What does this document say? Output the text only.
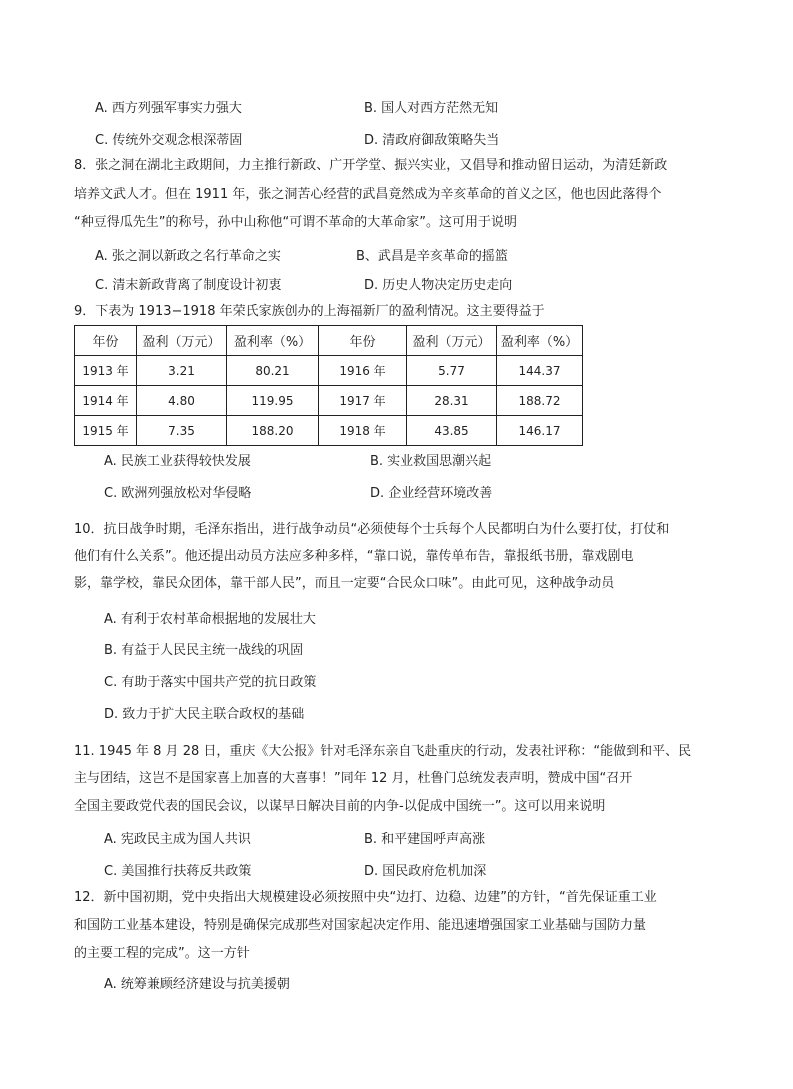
A. 西方列强军事实力强大	B. 国人对西方茫然无知
C. 传统外交观念根深蒂固	D. 清政府御敌策略失当
8．张之洞在湖北主政期间，力主推行新政、广开学堂、振兴实业，又倡导和推动留日运动，为清廷新政
培养文武人才。但在 1911 年，张之洞苦心经营的武昌竟然成为辛亥革命的首义之区，他也因此落得个
“种豆得瓜先生”的称号，孙中山称他“可谓不革命的大革命家”。这可用于说明
A. 张之洞以新政之名行革命之实	B、武昌是辛亥革命的摇篮
C. 清末新政背离了制度设计初衷	D. 历史人物决定历史走向
9．下表为 1913−1918 年荣氏家族创办的上海福新厂的盈利情况。这主要得益于
年份	盈利（万元）	盈利率（%）	年份	盈利（万元）	盈利率（%）
1913 年	3.21	80.21	1916 年	5.77	144.37
1914 年	4.80	119.95	1917 年	28.31	188.72
1915 年	7.35	188.20	1918 年	43.85	146.17
A. 民族工业获得较快发展	B. 实业救国思潮兴起
C. 欧洲列强放松对华侵略	D. 企业经营环境改善
10．抗日战争时期，毛泽东指出，进行战争动员“必须使每个士兵每个人民都明白为什么要打仗，打仗和
他们有什么关系”。他还提出动员方法应多种多样，“靠口说，靠传单布告，靠报纸书册，靠戏剧电
影，靠学校，靠民众团体，靠干部人民”，而且一定要“合民众口味”。由此可见，这种战争动员
A. 有利于农村革命根据地的发展壮大
B. 有益于人民民主统一战线的巩固
C. 有助于落实中国共产党的抗日政策
D. 致力于扩大民主联合政权的基础
11. 1945 年 8 月 28 日，重庆《大公报》针对毛泽东亲自飞赴重庆的行动，发表社评称：“能做到和平、民
主与团结，这岂不是国家喜上加喜的大喜事！”同年 12 月，杜鲁门总统发表声明，赞成中国“召开
全国主要政党代表的国民会议，以谋早日解决目前的内争-以促成中国统一”。这可以用来说明
A. 宪政民主成为国人共识	B. 和平建国呼声高涨
C. 美国推行扶蒋反共政策	D. 国民政府危机加深
12．新中国初期，党中央指出大规模建设必须按照中央“边打、边稳、边建”的方针，“首先保证重工业
和国防工业基本建设，特别是确保完成那些对国家起决定作用、能迅速增强国家工业基础与国防力量
的主要工程的完成”。这一方针
A. 统筹兼顾经济建设与抗美援朝
